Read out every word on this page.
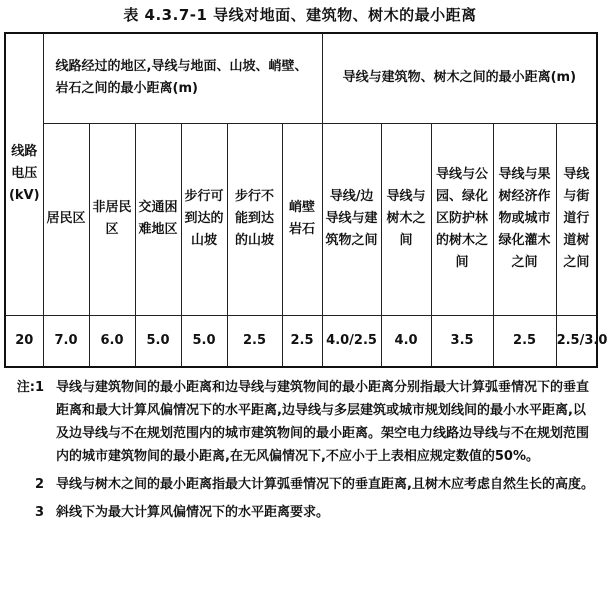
表 4.3.7-1 导线对地面、建筑物、树木的最小距离
线路电压(kV)	线路经过的地区,导线与地面、山坡、峭壁、岩石之间的最小距离(m)						导线与建筑物、树木之间的最小距离(m)				
	居民区	非居民区	交通困难地区	步行可到达的山坡	步行不能到达的山坡	峭壁岩石	导线/边导线与建筑物之间	导线与树木之间	导线与公园、绿化区防护林的树木之间	导线与果树经济作物或城市绿化灌木之间	导线与街道行道树之间
20	7.0	6.0	5.0	5.0	2.5	2.5	4.0/2.5	4.0	3.5	2.5	2.5/3.0
注:1 导线与建筑物间的最小距离和边导线与建筑物间的最小距离分别指最大计算弧垂情况下的垂直距离和最大计算风偏情况下的水平距离,边导线与多层建筑或城市规划线间的最小水平距离,以及边导线与不在规划范围内的城市建筑物间的最小距离。架空电力线路边导线与不在规划范围内的城市建筑物间的最小距离,在无风偏情况下,不应小于上表相应规定数值的50%。
2 导线与树木之间的最小距离指最大计算弧垂情况下的垂直距离,且树木应考虑自然生长的高度。
3 斜线下为最大计算风偏情况下的水平距离要求。
